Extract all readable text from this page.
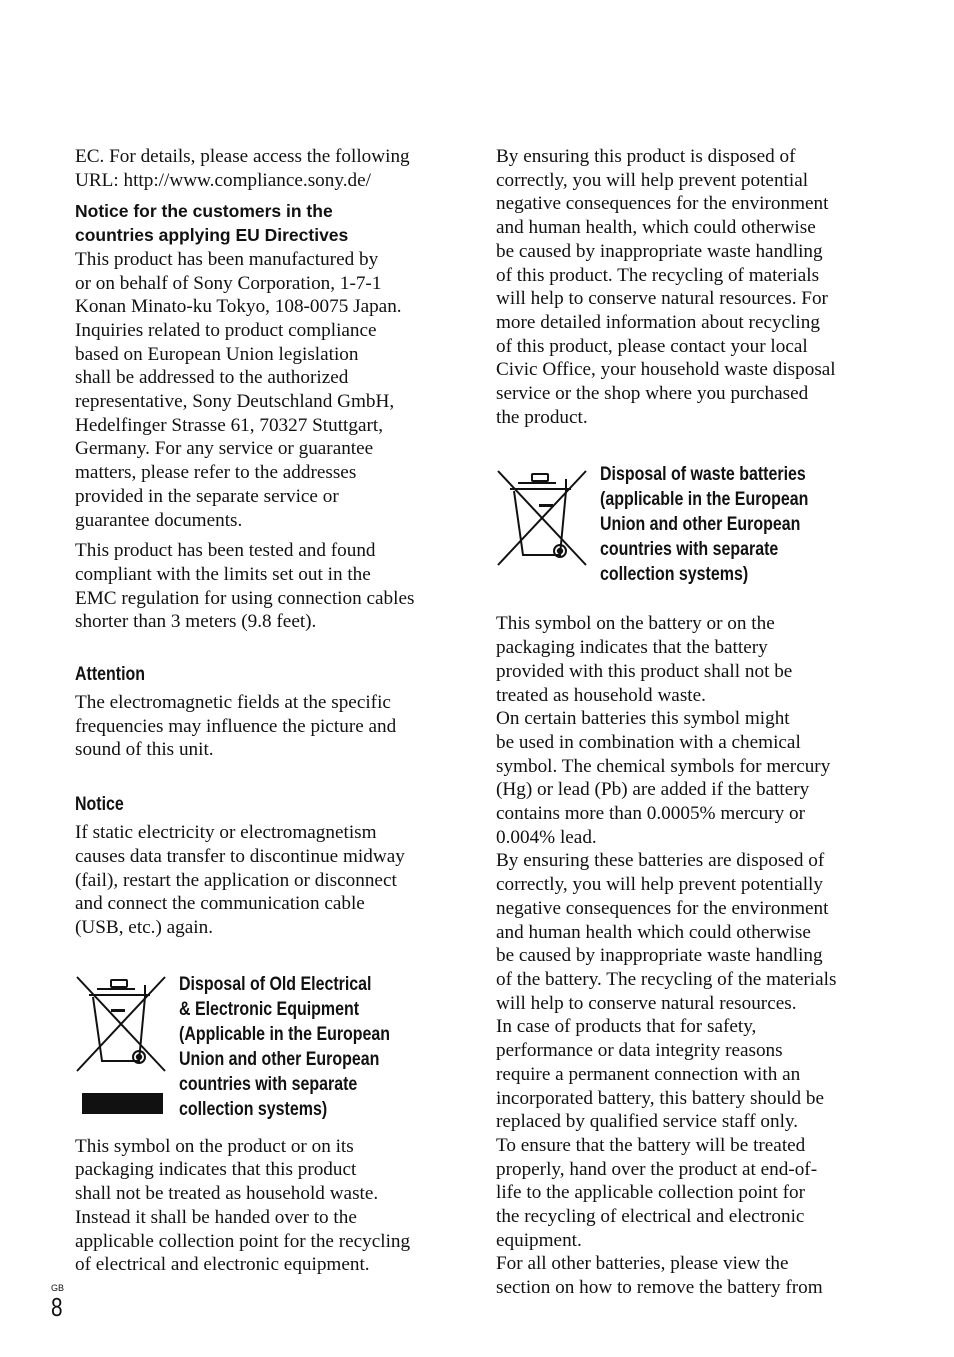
EC. For details, please access the following
URL: http://www.compliance.sony.de/

Notice for the customers in the
countries applying EU Directives

This product has been manufactured by
or on behalf of Sony Corporation, 1-7-1
Konan Minato-ku Tokyo, 108-0075 Japan.
Inquiries related to product compliance
based on European Union legislation
shall be addressed to the authorized
representative, Sony Deutschland GmbH,
Hedelfinger Strasse 61, 70327 Stuttgart,
Germany. For any service or guarantee
matters, please refer to the addresses
provided in the separate service or
guarantee documents.

This product has been tested and found
compliant with the limits set out in the
EMC regulation for using connection cables
shorter than 3 meters (9.8 feet).

Attention

The electromagnetic fields at the specific
frequencies may influence the picture and
sound of this unit.

Notice

If static electricity or electromagnetism
causes data transfer to discontinue midway
(fail), restart the application or disconnect
and connect the communication cable
(USB, etc.) again.

Disposal of Old Electrical
& Electronic Equipment
(Applicable in the European
Union and other European
countries with separate
collection systems)

This symbol on the product or on its
packaging indicates that this product
shall not be treated as household waste.
Instead it shall be handed over to the
applicable collection point for the recycling
of electrical and electronic equipment.

By ensuring this product is disposed of
correctly, you will help prevent potential
negative consequences for the environment
and human health, which could otherwise
be caused by inappropriate waste handling
of this product. The recycling of materials
will help to conserve natural resources. For
more detailed information about recycling
of this product, please contact your local
Civic Office, your household waste disposal
service or the shop where you purchased
the product.

Disposal of waste batteries
(applicable in the European
Union and other European
countries with separate
collection systems)

This symbol on the battery or on the
packaging indicates that the battery
provided with this product shall not be
treated as household waste.
On certain batteries this symbol might
be used in combination with a chemical
symbol. The chemical symbols for mercury
(Hg) or lead (Pb) are added if the battery
contains more than 0.0005% mercury or
0.004% lead.
By ensuring these batteries are disposed of
correctly, you will help prevent potentially
negative consequences for the environment
and human health which could otherwise
be caused by inappropriate waste handling
of the battery. The recycling of the materials
will help to conserve natural resources.
In case of products that for safety,
performance or data integrity reasons
require a permanent connection with an
incorporated battery, this battery should be
replaced by qualified service staff only.
To ensure that the battery will be treated
properly, hand over the product at end-of-
life to the applicable collection point for
the recycling of electrical and electronic
equipment.
For all other batteries, please view the
section on how to remove the battery from

GB
8
